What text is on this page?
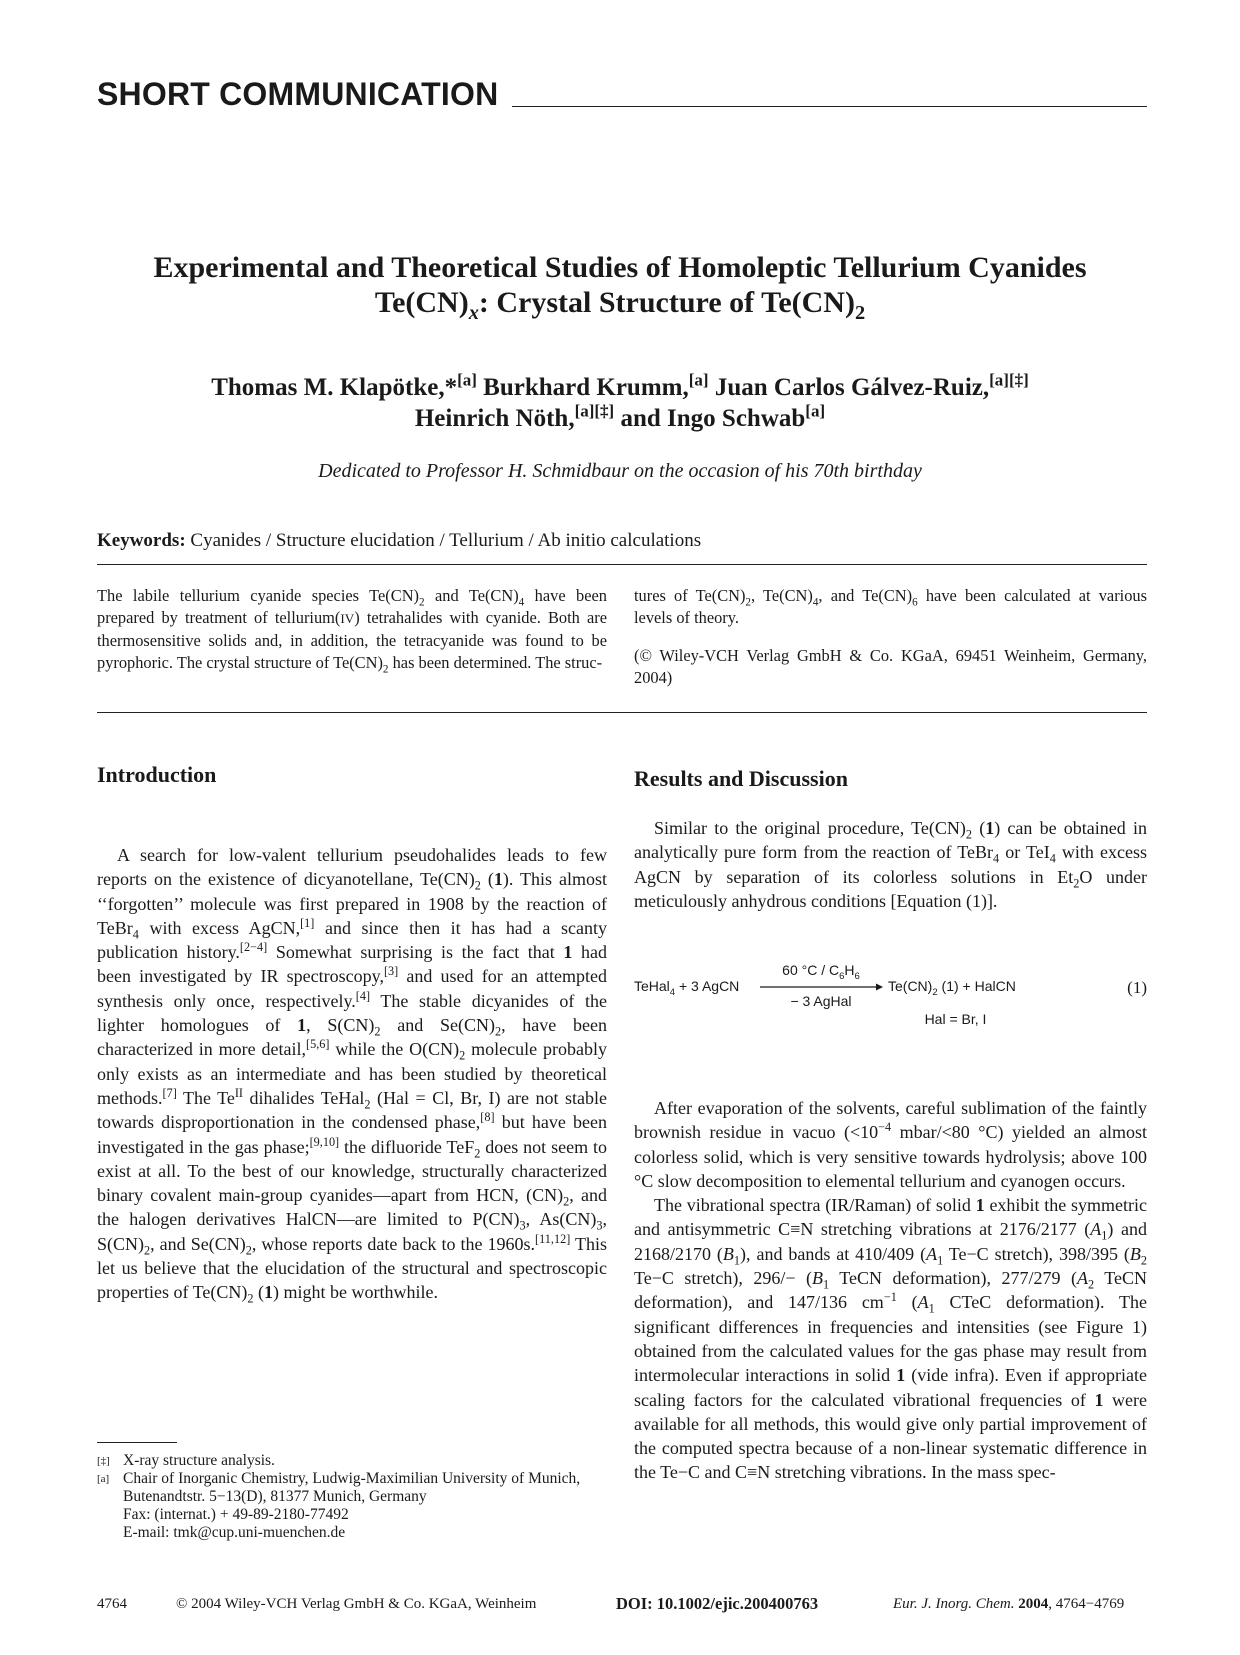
SHORT COMMUNICATION
Experimental and Theoretical Studies of Homoleptic Tellurium Cyanides
$Te(CN)_x$: Crystal Structure of $Te(CN)_2$
Thomas M. Klapötke,*[a] Burkhard Krumm,[a] Juan Carlos Gálvez-Ruiz,[a][‡]
Heinrich Nöth,[a][‡] and Ingo Schwab[a]
Dedicated to Professor H. Schmidbaur on the occasion of his 70th birthday
Keywords: Cyanides / Structure elucidation / Tellurium / Ab initio calculations
The labile tellurium cyanide species $Te(CN)_2$ and $Te(CN)_4$ have been prepared by treatment of tellurium(IV) tetrahalides with cyanide. Both are thermosensitive solids and, in addition, the tetracyanide was found to be pyrophoric. The crystal structure of $Te(CN)_2$ has been determined. The struc-
tures of $Te(CN)_2$, $Te(CN)_4$, and $Te(CN)_6$ have been calculated at various levels of theory.
(© Wiley-VCH Verlag GmbH & Co. KGaA, 69451 Weinheim, Germany, 2004)
Introduction

A search for low-valent tellurium pseudohalides leads to few reports on the existence of dicyanotellane, $Te(CN)_2$ (1). This almost ‘‘forgotten’’ molecule was first prepared in 1908 by the reaction of TeBr$_4$ with excess AgCN,[1] and since then it has had a scanty publication history.[2−4] Somewhat surprising is the fact that 1 had been investigated by IR spectroscopy,[3] and used for an attempted synthesis only once, respectively.[4] The stable dicyanides of the lighter homologues of 1, $S(CN)_2$ and $Se(CN)_2$, have been characterized in more detail,[5,6] while the $O(CN)_2$ molecule probably only exists as an intermediate and has been studied by theoretical methods.[7] The $Te^{II}$ dihalides TeHal$_2$ (Hal = Cl, Br, I) are not stable towards disproportionation in the condensed phase,[8] but have been investigated in the gas phase;[9,10] the difluoride TeF$_2$ does not seem to exist at all. To the best of our knowledge, structurally characterized binary covalent main-group cyanides—apart from HCN, $(CN)_2$, and the halogen derivatives HalCN—are limited to $P(CN)_3$, $As(CN)_3$, $S(CN)_2$, and $Se(CN)_2$, whose reports date back to the 1960s.[11,12] This let us believe that the elucidation of the structural and spectroscopic properties of $Te(CN)_2$ (1) might be worthwhile.

[‡] X-ray structure analysis.
[a] Chair of Inorganic Chemistry, Ludwig-Maximilian University of Munich,
Butenandtstr. 5−13(D), 81377 Munich, Germany
Fax: (internat.) + 49-89-2180-77492
E-mail: tmk@cup.uni-muenchen.de
Results and Discussion

Similar to the original procedure, $Te(CN)_2$ (1) can be obtained in analytically pure form from the reaction of TeBr$_4$ or TeI$_4$ with excess AgCN by separation of its colorless solutions in $Et_2O$ under meticulously anhydrous conditions [Equation (1)].

TeHal$_4$ + 3 AgCN
60 $^\circ C / C_6H_6$
− 3 AgHal
$Te(CN)_2$ (1) + HalCN
Hal = Br, I
(1)

After evaporation of the solvents, careful sublimation of the faintly brownish residue in vacuo ($<10^{-4}$ mbar/<80 °C) yielded an almost colorless solid, which is very sensitive towards hydrolysis; above 100 °C slow decomposition to elemental tellurium and cyanogen occurs.

The vibrational spectra (IR/Raman) of solid 1 exhibit the symmetric and antisymmetric C≡N stretching vibrations at 2176/2177 $(A_1)$ and 2168/2170 $(B_1)$, and bands at 410/409 ($A_1$ Te−C stretch), 398/395 ($B_2$ Te−C stretch), $296/- (B_1$ TeCN deformation), 277/279 ($A_2$ TeCN deformation), and 147/136 $cm^{-1}$ ($A_1$ CTeC deformation). The significant differences in frequencies and intensities (see Figure 1) obtained from the calculated values for the gas phase may result from intermolecular interactions in solid 1 (vide infra). Even if appropriate scaling factors for the calculated vibrational frequencies of 1 were available for all methods, this would give only partial improvement of the computed spectra because of a non-linear systematic difference in the Te−C and C≡N stretching vibrations. In the mass spec-

4764	© 2004 Wiley-VCH Verlag GmbH & Co. KGaA, Weinheim	DOI: 10.1002/ejic.200400763	Eur. J. Inorg. Chem. 2004, 4764−4769
